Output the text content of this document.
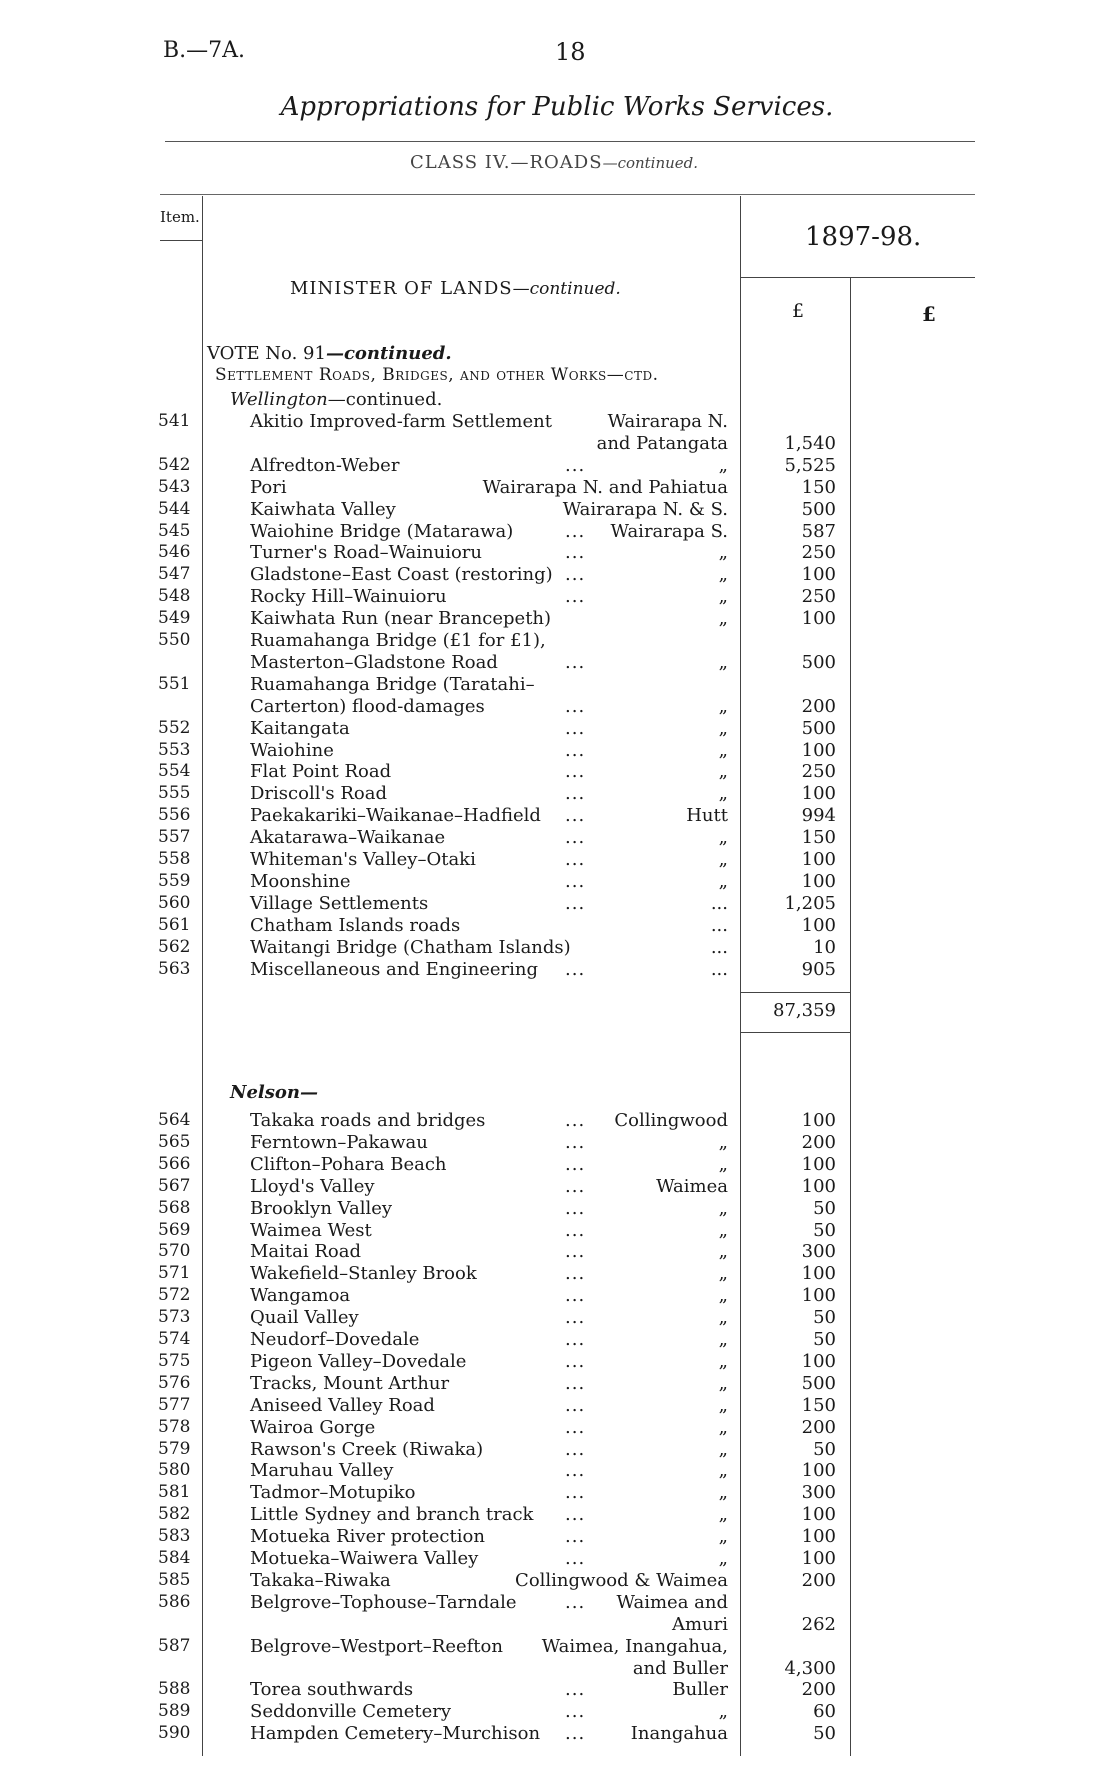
B.—7A.	18
Appropriations for Public Works Services.
CLASS IV.—ROADS—continued.
Item.
1897-98.
MINISTER OF LANDS—continued.
£	£
VOTE No. 91—continued.
Settlement Roads, Bridges, and other Works—ctd.
Wellington—continued.
541	Akitio Improved-farm Settlement	Wairarapa N.
and Patangata	1,540
542	Alfredton-Weber	...	„	5,525
543	Pori	Wairarapa N. and Pahiatua	150
544	Kaiwhata Valley	Wairarapa N. & S.	500
545	Waiohine Bridge (Matarawa)	... Wairarapa S.	587
546	Turner's Road–Wainuioru	...	„	250
547	Gladstone–East Coast (restoring) ...	„	100
548	Rocky Hill–Wainuioru	...	„	250
549	Kaiwhata Run (near Brancepeth)	„	100
550	Ruamahanga Bridge (£1 for £1),
Masterton–Gladstone Road	...	„	500
551	Ruamahanga Bridge (Taratahi–
Carterton) flood-damages	...	„	200
552	Kaitangata	...	„	500
553	Waiohine	...	„	100
554	Flat Point Road	...	„	250
555	Driscoll's Road	...	„	100
556	Paekakariki–Waikanae–Hadfield ...	Hutt	994
557	Akatarawa–Waikanae	...	„	150
558	Whiteman's Valley–Otaki	...	„	100
559	Moonshine	...	„	100
560	Village Settlements	...	...	1,205
561	Chatham Islands roads	...	100
562	Waitangi Bridge (Chatham Islands)	...	10
563	Miscellaneous and Engineering ...	...	905
87,359
Nelson—
564	Takaka roads and bridges	... Collingwood	100
565	Ferntown–Pakawau	...	„	200
566	Clifton–Pohara Beach	...	„	100
567	Lloyd's Valley	...	Waimea	100
568	Brooklyn Valley	...	„	50
569	Waimea West	...	„	50
570	Maitai Road	...	„	300
571	Wakefield–Stanley Brook	...	„	100
572	Wangamoa	...	„	100
573	Quail Valley	...	„	50
574	Neudorf–Dovedale	...	„	50
575	Pigeon Valley–Dovedale	...	„	100
576	Tracks, Mount Arthur	...	„	500
577	Aniseed Valley Road	...	„	150
578	Wairoa Gorge	...	„	200
579	Rawson's Creek (Riwaka)	...	„	50
580	Maruhau Valley	...	„	100
581	Tadmor–Motupiko	...	„	300
582	Little Sydney and branch track ...	„	100
583	Motueka River protection	...	„	100
584	Motueka–Waiwera Valley	...	„	100
585	Takaka–Riwaka	Collingwood & Waimea	200
586	Belgrove–Tophouse–Tarndale	... Waimea and
Amuri	262
587	Belgrove–Westport–Reefton Waimea, Inangahua,
and Buller	4,300
588	Torea southwards	...	Buller	200
589	Seddonville Cemetery	...	„	60
590	Hampden Cemetery–Murchison ...	Inangahua	50
